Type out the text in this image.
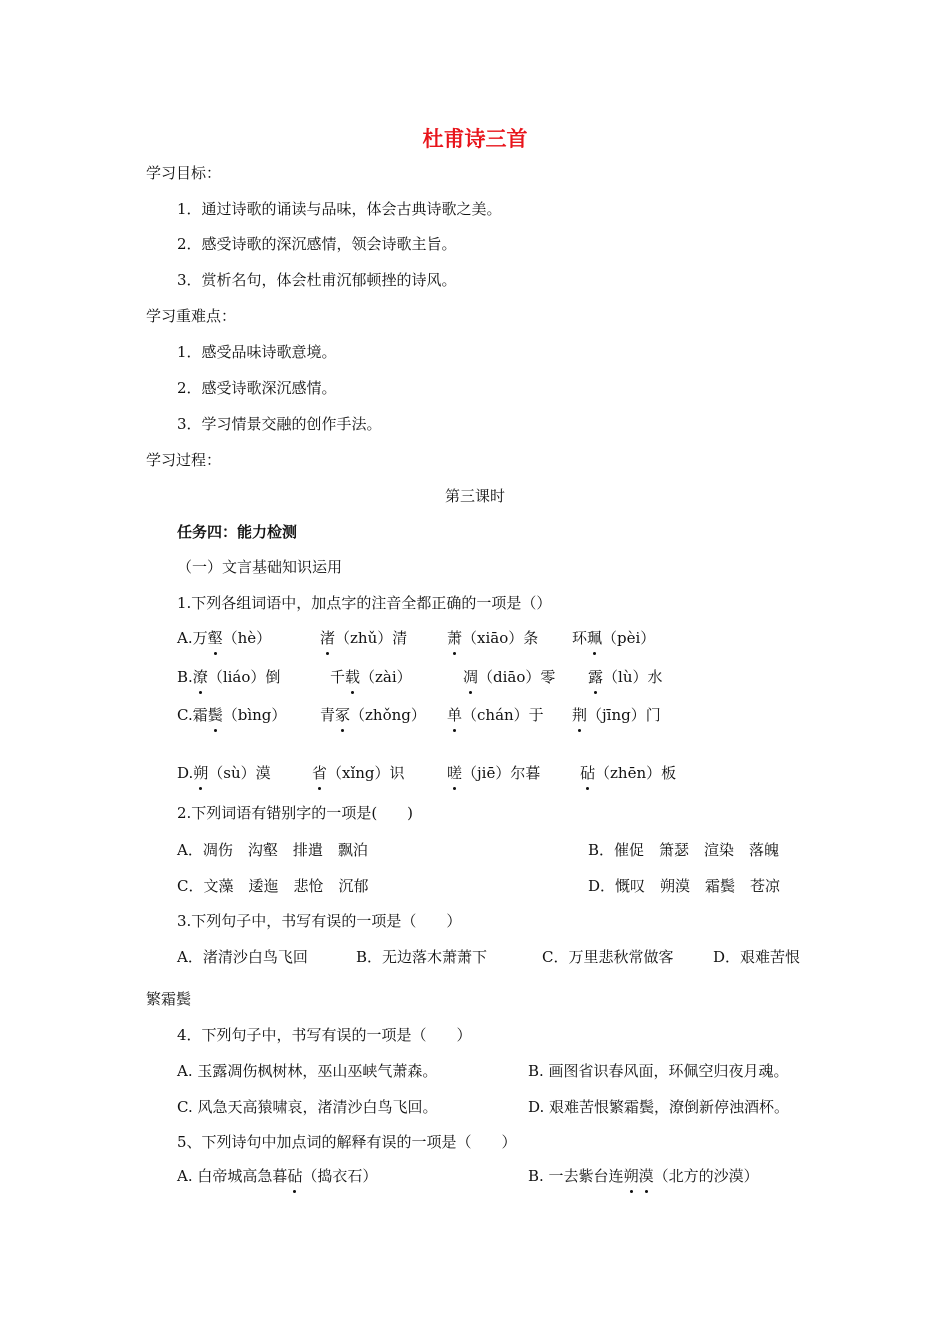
杜甫诗三首
学习目标：
1．通过诗歌的诵读与品味，体会古典诗歌之美。
2．感受诗歌的深沉感情，领会诗歌主旨。
3．赏析名句，体会杜甫沉郁顿挫的诗风。
学习重难点：
1．感受品味诗歌意境。
2．感受诗歌深沉感情。
3．学习情景交融的创作手法。
学习过程：
第三课时
任务四：能力检测
（一）文言基础知识运用
1.下列各组词语中，加点字的注音全都正确的一项是（）
A.万壑（hè）	渚（zhǔ）清	萧（xiāo）条 环珮（pèi）
B.潦（liáo）倒	千载（zài）	凋（diāo）零 露（lù）水
C.霜鬓（bìng） 青冢（zhǒng） 单（chán）于 荆（jīng）门
D.朔（sù）漠	省（xǐng）识	嗟（jiē）尔暮	砧（zhēn）板
2.下列词语有错别字的一项是(　　)
A．凋伤　沟壑　排遣　飘泊	B．催促　箫瑟　渲染　落魄
C．文藻　逶迤　悲怆　沉郁	D．慨叹　朔漠　霜鬓　苍凉
3.下列句子中，书写有误的一项是（　　）
A．渚清沙白鸟飞回	B．无边落木萧萧下	C．万里悲秋常做客	D．艰难苦恨
繁霜鬓
4．下列句子中，书写有误的一项是（　　）
A. 玉露凋伤枫树林，巫山巫峡气萧森。	B. 画图省识春风面，环佩空归夜月魂。
C. 风急天高猿啸哀，渚清沙白鸟飞回。	D. 艰难苦恨繁霜鬓，潦倒新停浊酒杯。
5、下列诗句中加点词的解释有误的一项是（　　）
A. 白帝城高急暮砧（捣衣石）	B. 一去紫台连朔漠（北方的沙漠）
